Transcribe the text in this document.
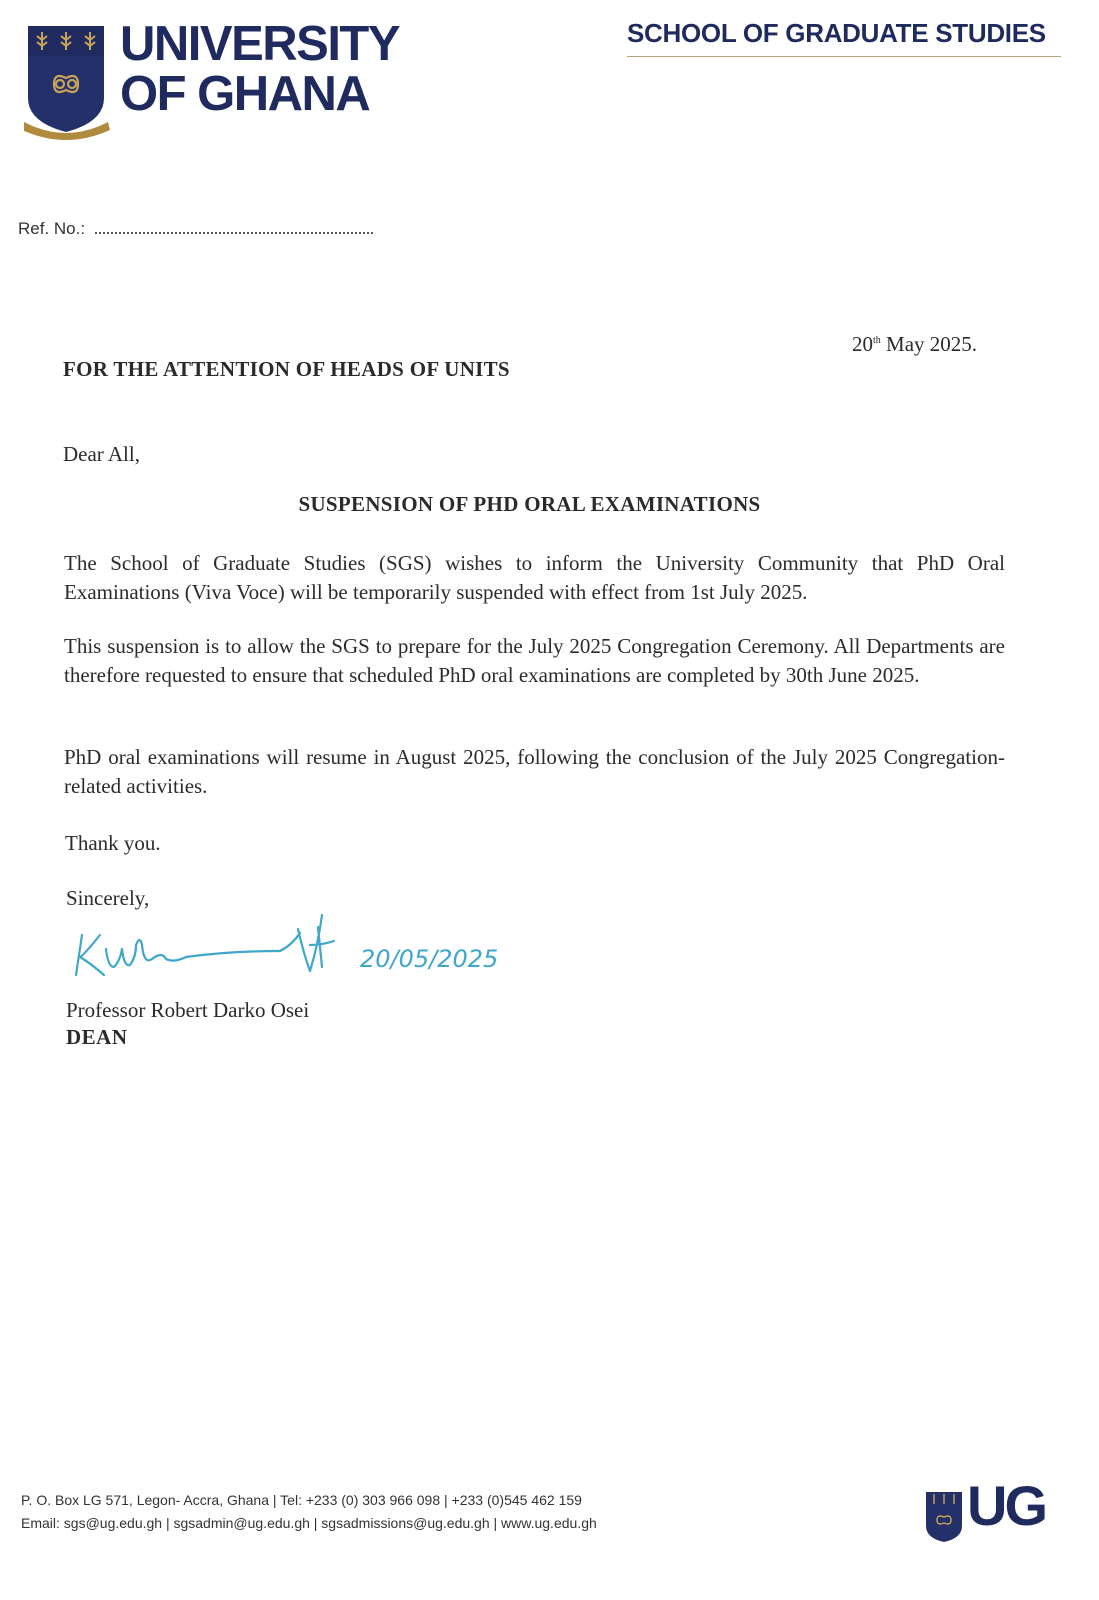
UNIVERSITY
OF GHANA
SCHOOL OF GRADUATE STUDIES
Ref. No.:
20th May 2025.
FOR THE ATTENTION OF HEADS OF UNITS
Dear All,
SUSPENSION OF PHD ORAL EXAMINATIONS
The School of Graduate Studies (SGS) wishes to inform the University Community that PhD Oral Examinations (Viva Voce) will be temporarily suspended with effect from 1st July 2025.
This suspension is to allow the SGS to prepare for the July 2025 Congregation Ceremony. All Departments are therefore requested to ensure that scheduled PhD oral examinations are completed by 30th June 2025.
PhD oral examinations will resume in August 2025, following the conclusion of the July 2025 Congregation-related activities.
Thank you.
Sincerely,
20/05/2025
Professor Robert Darko Osei
DEAN
P. O. Box LG 571, Legon- Accra, Ghana | Tel: +233 (0) 303 966 098 | +233 (0)545 462 159
Email: sgs@ug.edu.gh | sgsadmin@ug.edu.gh | sgsadmissions@ug.edu.gh | www.ug.edu.gh	UG
